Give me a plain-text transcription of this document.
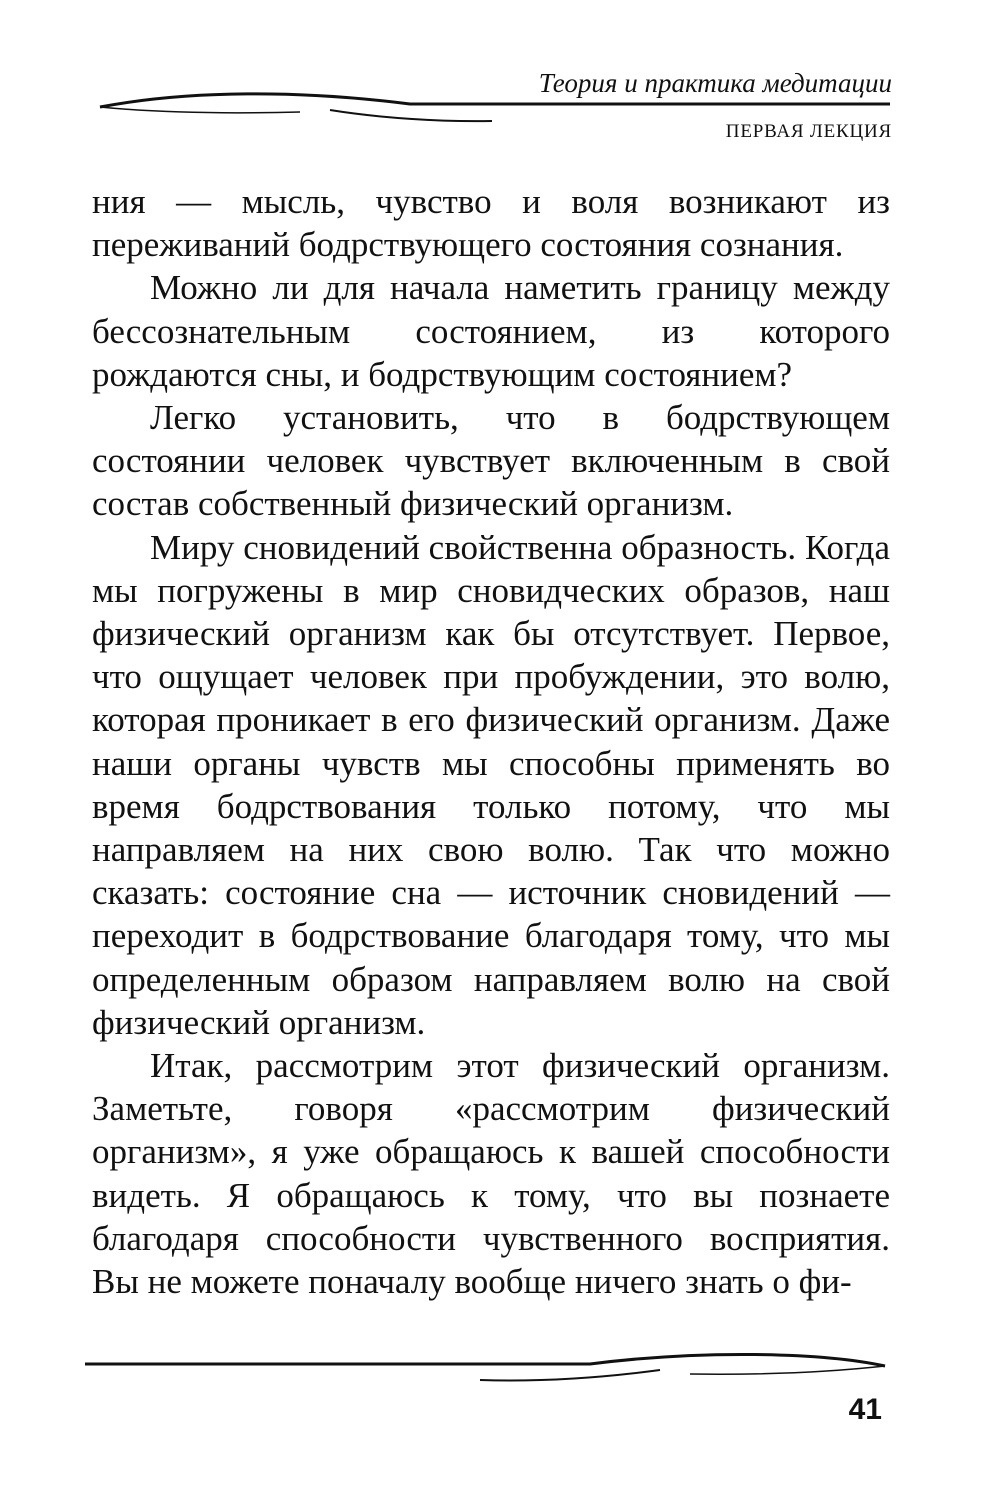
Теория и практика медитации
ПЕРВАЯ ЛЕКЦИЯ

ния — мысль, чувство и воля возникают из переживаний бодрствующего состояния сознания.

Можно ли для начала наметить границу между бессознательным состоянием, из которого рождаются сны, и бодрствующим состоянием?

Легко установить, что в бодрствующем состоянии человек чувствует включенным в свой состав собственный физический организм.

Миру сновидений свойственна образность. Когда мы погружены в мир сновидческих образов, наш физический организм как бы отсутствует. Первое, что ощущает человек при пробуждении, это волю, которая проникает в его физический организм. Даже наши органы чувств мы способны применять во время бодрствования только потому, что мы направляем на них свою волю. Так что можно сказать: состояние сна — источник сновидений — переходит в бодрствование благодаря тому, что мы определенным образом направляем волю на свой физический организм.

Итак, рассмотрим этот физический организм. Заметьте, говоря «рассмотрим физический организм», я уже обращаюсь к вашей способности видеть. Я обращаюсь к тому, что вы познаете благодаря способности чувственного восприятия. Вы не можете поначалу вообще ничего знать о фи-

41
